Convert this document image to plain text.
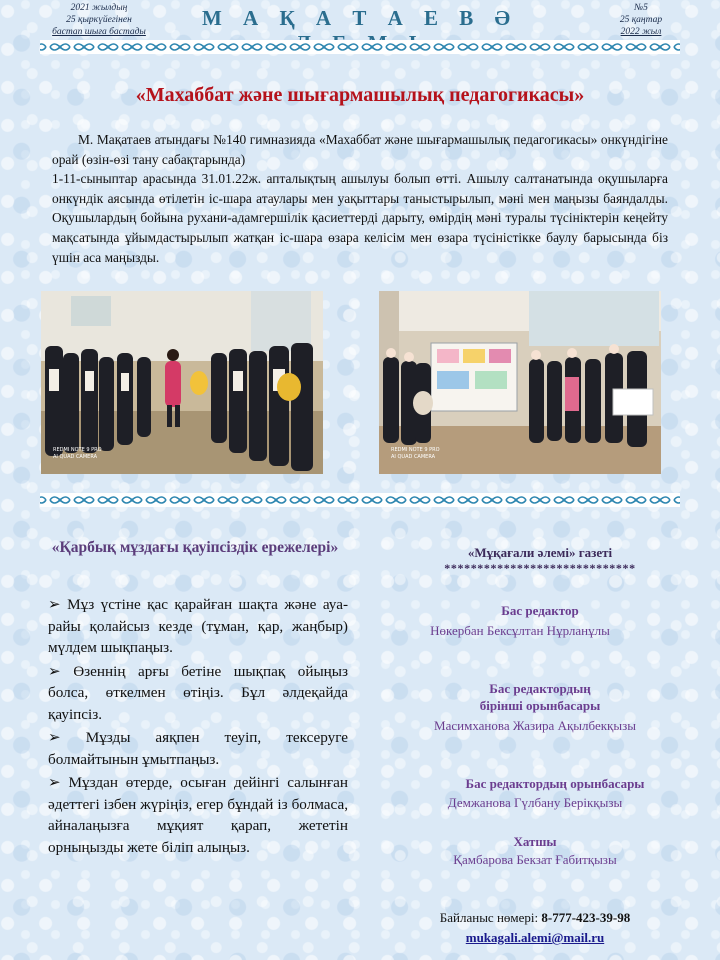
2021 жылдың
25 қыркүйегінен
бастап шыға бастады
М А Қ А Т А Е В Ә	№5
25 қаңтар
2022 жыл
«Махаббат және шығармашылық педагогикасы»

М. Мақатаев атындағы №140 гимназияда «Махаббат және шығармашылық педагогикасы» онкүндігіне орай (өзін-өзі тану сабақтарында)

1-11-сыныптар арасында 31.01.22ж. апталықтың ашылуы болып өтті. Ашылу салтанатында оқушыларға онкүндік аясында өтілетін іс-шара атаулары мен уақыттары таныстырылып, мәні мен маңызы баяндалды. Оқушылардың бойына рухани-адамгершілік қасиеттерді дарыту, өмірдің мәні туралы түсініктерін кеңейту мақсатында ұйымдастырылып жатқан іс-шара өзара келісім мен өзара түсіністікке баулу барысында біз үшін аса маңызды.

REDMI NOTE 9 PRO
AI QUAD CAMERA
REDMI NOTE 9 PRO
AI QUAD CAMERA
«Қарбық мұздағы қауіпсіздік ережелері»

➢ Мұз үстіне қас қарайған шақта және ауа-райы қолайсыз кезде (тұман, қар, жаңбыр) мүлдем шықпаңыз.

➢ Өзеннің арғы бетіне шықпақ ойыңыз болса, өткелмен өтіңіз. Бұл әлдеқайда қауіпсіз.

➢ Мұзды аяқпен теуіп, тексеруге болмайтынын ұмытпаңыз.

➢ Мұздан өтерде, осыған дейінгі салынған әдеттегі ізбен жүріңіз, егер бұндай із болмаса, айналаңызға мұқият қарап, жететін орныңызды жете біліп алыңыз.

«Мұқағали әлемі» газеті
*****************************
Бас редактор
Нөкербан Бексұлтан Нұрланұлы
Бас редактордың
бірінші орынбасары
Масимханова Жазира Ақылбекқызы
Бас редактордың орынбасары
Демжанова Гүлбану Берікқызы
Хатшы
Қамбарова Бекзат Ғабитқызы
Байланыс нөмері: 8-777-423-39-98
mukagali.alemi@mail.ru
